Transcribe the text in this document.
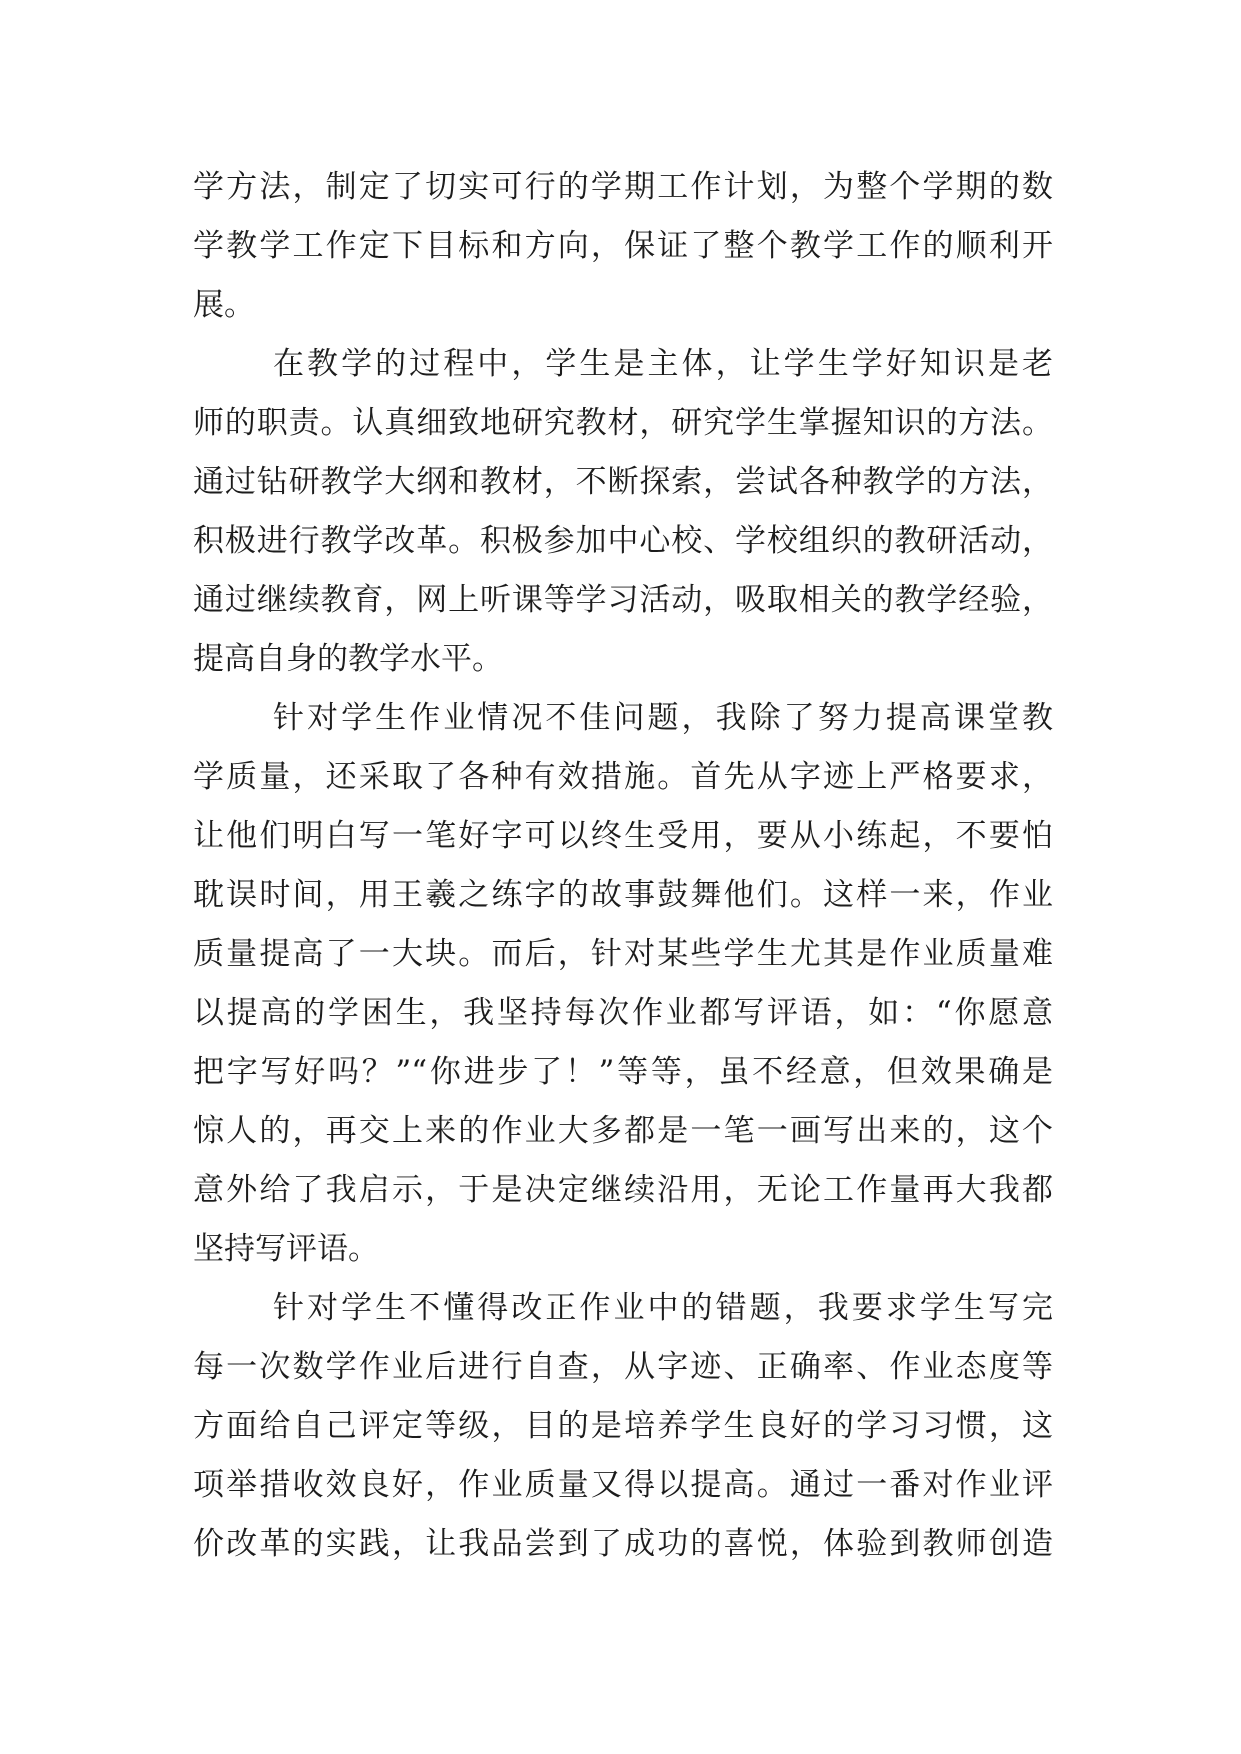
学方法，制定了切实可行的学期工作计划，为整个学期的数
学教学工作定下目标和方向，保证了整个教学工作的顺利开
展。
在教学的过程中，学生是主体，让学生学好知识是老
师的职责。认真细致地研究教材，研究学生掌握知识的方法。
通过钻研教学大纲和教材，不断探索，尝试各种教学的方法，
积极进行教学改革。积极参加中心校、学校组织的教研活动，
通过继续教育，网上听课等学习活动，吸取相关的教学经验，
提高自身的教学水平。
针对学生作业情况不佳问题，我除了努力提高课堂教
学质量，还采取了各种有效措施。首先从字迹上严格要求，
让他们明白写一笔好字可以终生受用，要从小练起，不要怕
耽误时间，用王羲之练字的故事鼓舞他们。这样一来，作业
质量提高了一大块。而后，针对某些学生尤其是作业质量难
以提高的学困生，我坚持每次作业都写评语，如：“你愿意
把字写好吗？”“你进步了！”等等，虽不经意，但效果确是
惊人的，再交上来的作业大多都是一笔一画写出来的，这个
意外给了我启示，于是决定继续沿用，无论工作量再大我都
坚持写评语。
针对学生不懂得改正作业中的错题，我要求学生写完
每一次数学作业后进行自查，从字迹、正确率、作业态度等
方面给自己评定等级，目的是培养学生良好的学习习惯，这
项举措收效良好，作业质量又得以提高。通过一番对作业评
价改革的实践，让我品尝到了成功的喜悦，体验到教师创造
